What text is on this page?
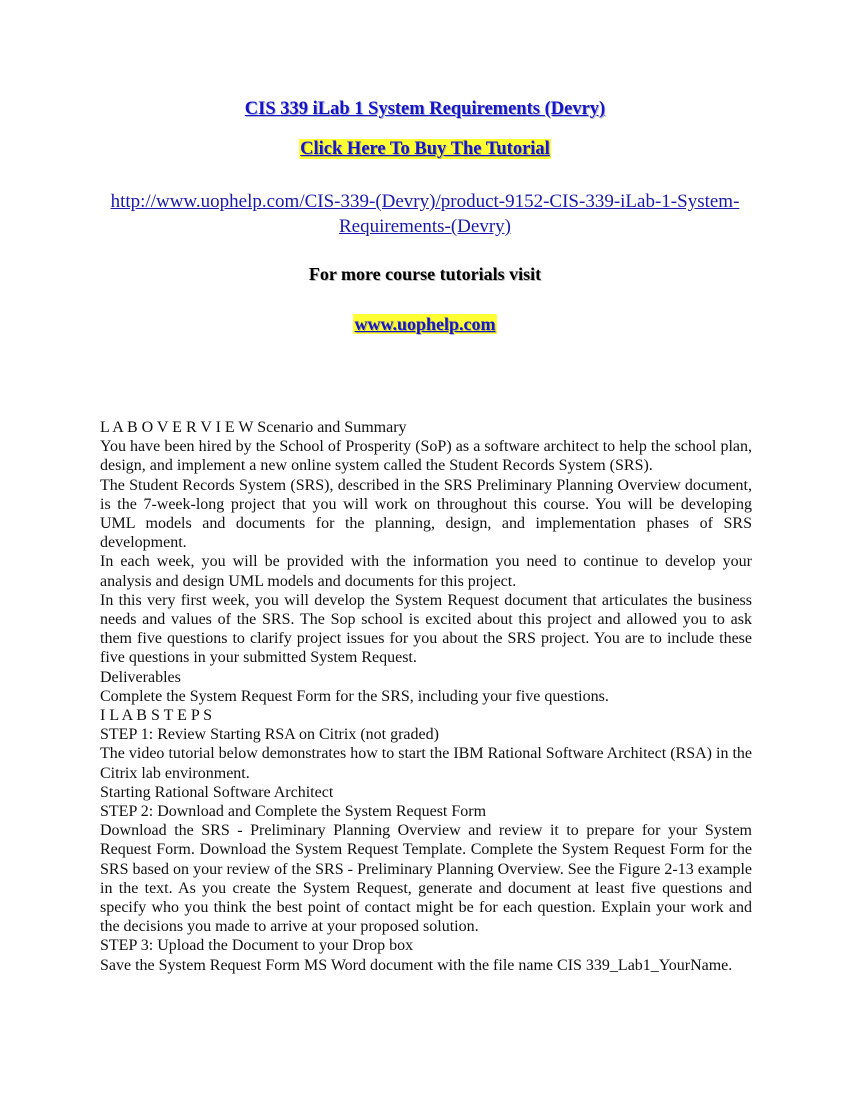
CIS 339 iLab 1 System Requirements (Devry)
Click Here To Buy The Tutorial
http://www.uophelp.com/CIS-339-(Devry)/product-9152-CIS-339-iLab-1-System-
Requirements-(Devry)
For more course tutorials visit
www.uophelp.com

L A B O V E R V I E W Scenario and Summary

You have been hired by the School of Prosperity (SoP) as a software architect to help the school plan, design, and implement a new online system called the Student Records System (SRS).

The Student Records System (SRS), described in the SRS Preliminary Planning Overview document, is the 7-week-long project that you will work on throughout this course. You will be developing UML models and documents for the planning, design, and implementation phases of SRS development.

In each week, you will be provided with the information you need to continue to develop your analysis and design UML models and documents for this project.

In this very first week, you will develop the System Request document that articulates the business needs and values of the SRS. The Sop school is excited about this project and allowed you to ask them five questions to clarify project issues for you about the SRS project. You are to include these five questions in your submitted System Request.

Deliverables

Complete the System Request Form for the SRS, including your five questions.

I L A B S T E P S

STEP 1: Review Starting RSA on Citrix (not graded)

The video tutorial below demonstrates how to start the IBM Rational Software Architect (RSA) in the Citrix lab environment.

Starting Rational Software Architect

STEP 2: Download and Complete the System Request Form

Download the SRS - Preliminary Planning Overview and review it to prepare for your System Request Form. Download the System Request Template. Complete the System Request Form for the SRS based on your review of the SRS - Preliminary Planning Overview. See the Figure 2-13 example in the text. As you create the System Request, generate and document at least five questions and specify who you think the best point of contact might be for each question. Explain your work and the decisions you made to arrive at your proposed solution.

STEP 3: Upload the Document to your Drop box

Save the System Request Form MS Word document with the file name CIS 339_Lab1_YourName.
